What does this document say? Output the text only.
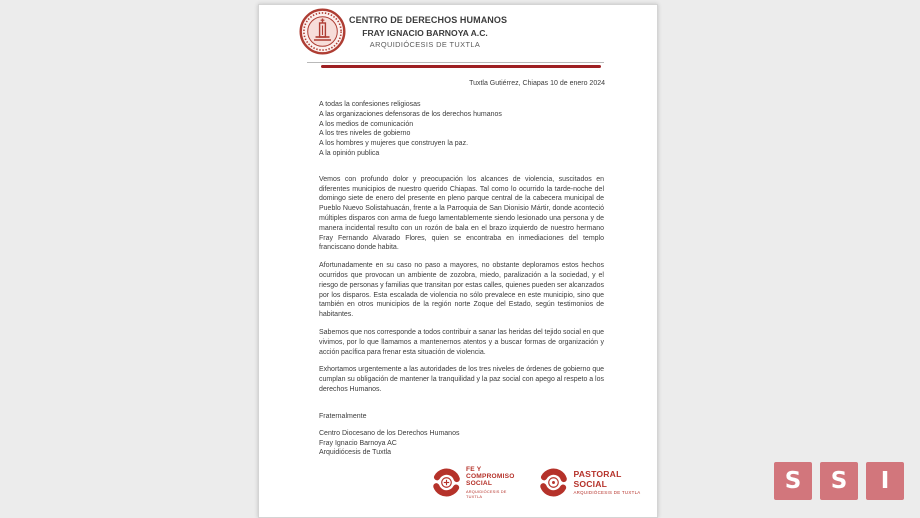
CENTRO DE DERECHOS HUMANOS
FRAY IGNACIO BARNOYA A.C.
ARQUIDIÓCESIS DE TUXTLA
Tuxtla Gutiérrez, Chiapas 10 de enero 2024
A todas la confesiones religiosas
A las organizaciones defensoras de los derechos humanos
A los medios de comunicación
A los tres niveles de gobierno
A los hombres y mujeres que construyen la paz.
A la opinión publica

Vemos con profundo dolor y preocupación los alcances de violencia, suscitados en diferentes municipios de nuestro querido Chiapas. Tal como lo ocurrido la tarde-noche del domingo siete de enero del presente en pleno parque central de la cabecera municipal de Pueblo Nuevo Solistahuacán, frente a la Parroquia de San Dionisio Mártir, donde aconteció múltiples disparos con arma de fuego lamentablemente siendo lesionado una persona y de manera incidental resulto con un rozón de bala en el brazo izquierdo de nuestro hermano Fray Fernando Alvarado Flores, quien se encontraba en inmediaciones del templo franciscano donde habita.

Afortunadamente en su caso no paso a mayores, no obstante deploramos estos hechos ocurridos que provocan un ambiente de zozobra, miedo, paralización a la sociedad, y el riesgo de personas y familias que transitan por estas calles, quienes pueden ser alcanzados por los disparos. Esta escalada de violencia no sólo prevalece en este municipio, sino que también en otros municipios de la región norte Zoque del Estado, según testimonios de habitantes.

Sabemos que nos corresponde a todos contribuir a sanar las heridas del tejido social en que vivimos, por lo que llamamos a mantenernos atentos y a buscar formas de organización y acción pacífica para frenar esta situación de violencia.

Exhortamos urgentemente a las autoridades de los tres niveles de órdenes de gobierno que cumplan su obligación de mantener la tranquilidad y la paz social con apego al respeto a los derechos Humanos.

Fraternalmente
Centro Diocesano de los Derechos Humanos
Fray Ignacio Barnoya AC
Arquidiócesis de Tuxtla
FE Y
COMPROMISO
SOCIAL
ARQUIDIÓCESIS DE TUXTLA
PASTORAL SOCIAL
ARQUIDIÓCESIS DE TUXTLA	S	S	I
